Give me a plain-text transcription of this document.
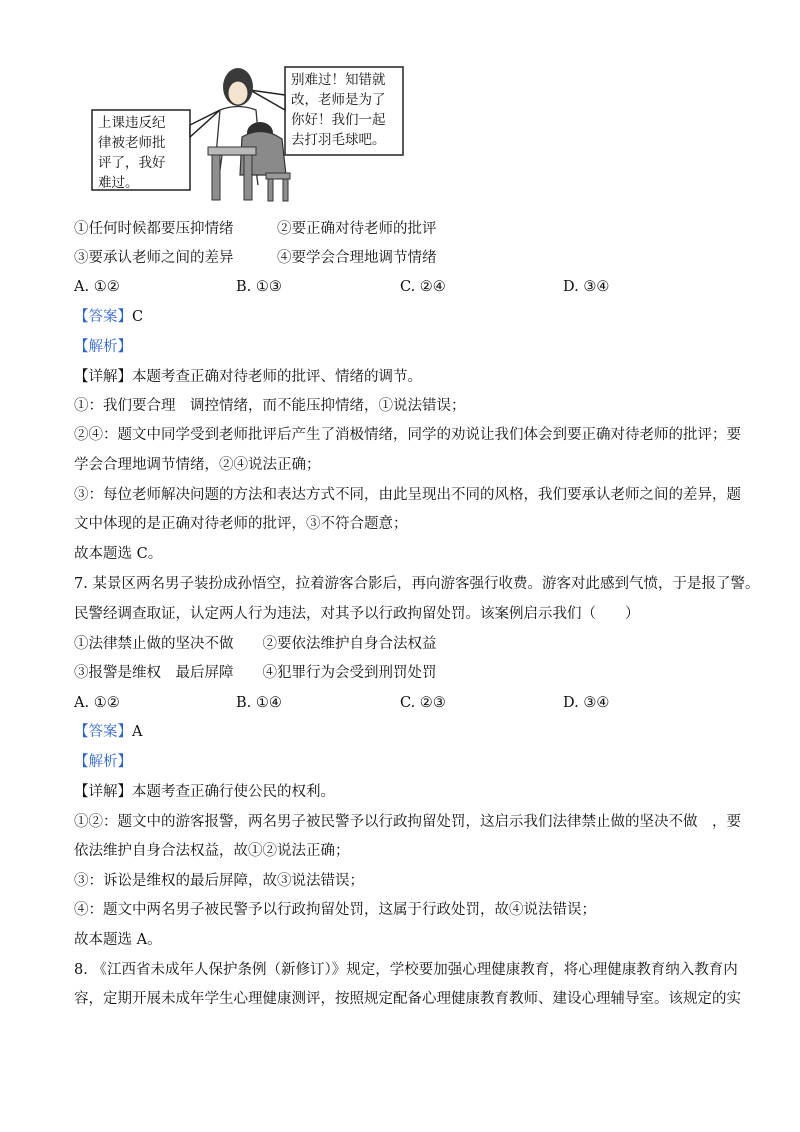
上课违反纪
律被老师批
评了，我好
难过。
别难过！知错就
改，老师是为了
你好！我们一起
去打羽毛球吧。
①任何时候都要压抑情绪　　　②要正确对待老师的批评
③要承认老师之间的差异　　　④要学会合理地调节情绪
A. ①②	B. ①③	C. ②④	D. ③④
【答案】C
【解析】
【详解】本题考查正确对待老师的批评、情绪的调节。
①：我们要合理　调控情绪，而不能压抑情绪，①说法错误；
②④：题文中同学受到老师批评后产生了消极情绪，同学的劝说让我们体会到要正确对待老师的批评；要
学会合理地调节情绪，②④说法正确；
③：每位老师解决问题的方法和表达方式不同，由此呈现出不同的风格，我们要承认老师之间的差异，题
文中体现的是正确对待老师的批评，③不符合题意；
故本题选 C。
7. 某景区两名男子装扮成孙悟空，拉着游客合影后，再向游客强行收费。游客对此感到气愤，于是报了警。
民警经调查取证，认定两人行为违法，对其予以行政拘留处罚。该案例启示我们（　　）
①法律禁止做的坚决不做　　②要依法维护自身合法权益
③报警是维权　最后屏障　　④犯罪行为会受到刑罚处罚
A. ①②	B. ①④	C. ②③	D. ③④
【答案】A
【解析】
【详解】本题考查正确行使公民的权利。
①②：题文中的游客报警，两名男子被民警予以行政拘留处罚，这启示我们法律禁止做的坚决不做　，要
依法维护自身合法权益，故①②说法正确；
③：诉讼是维权的最后屏障，故③说法错误；
④：题文中两名男子被民警予以行政拘留处罚，这属于行政处罚，故④说法错误；
故本题选 A。
8. 《江西省未成年人保护条例（新修订）》规定，学校要加强心理健康教育，将心理健康教育纳入教育内
容，定期开展未成年学生心理健康测评，按照规定配备心理健康教育教师、建设心理辅导室。该规定的实
